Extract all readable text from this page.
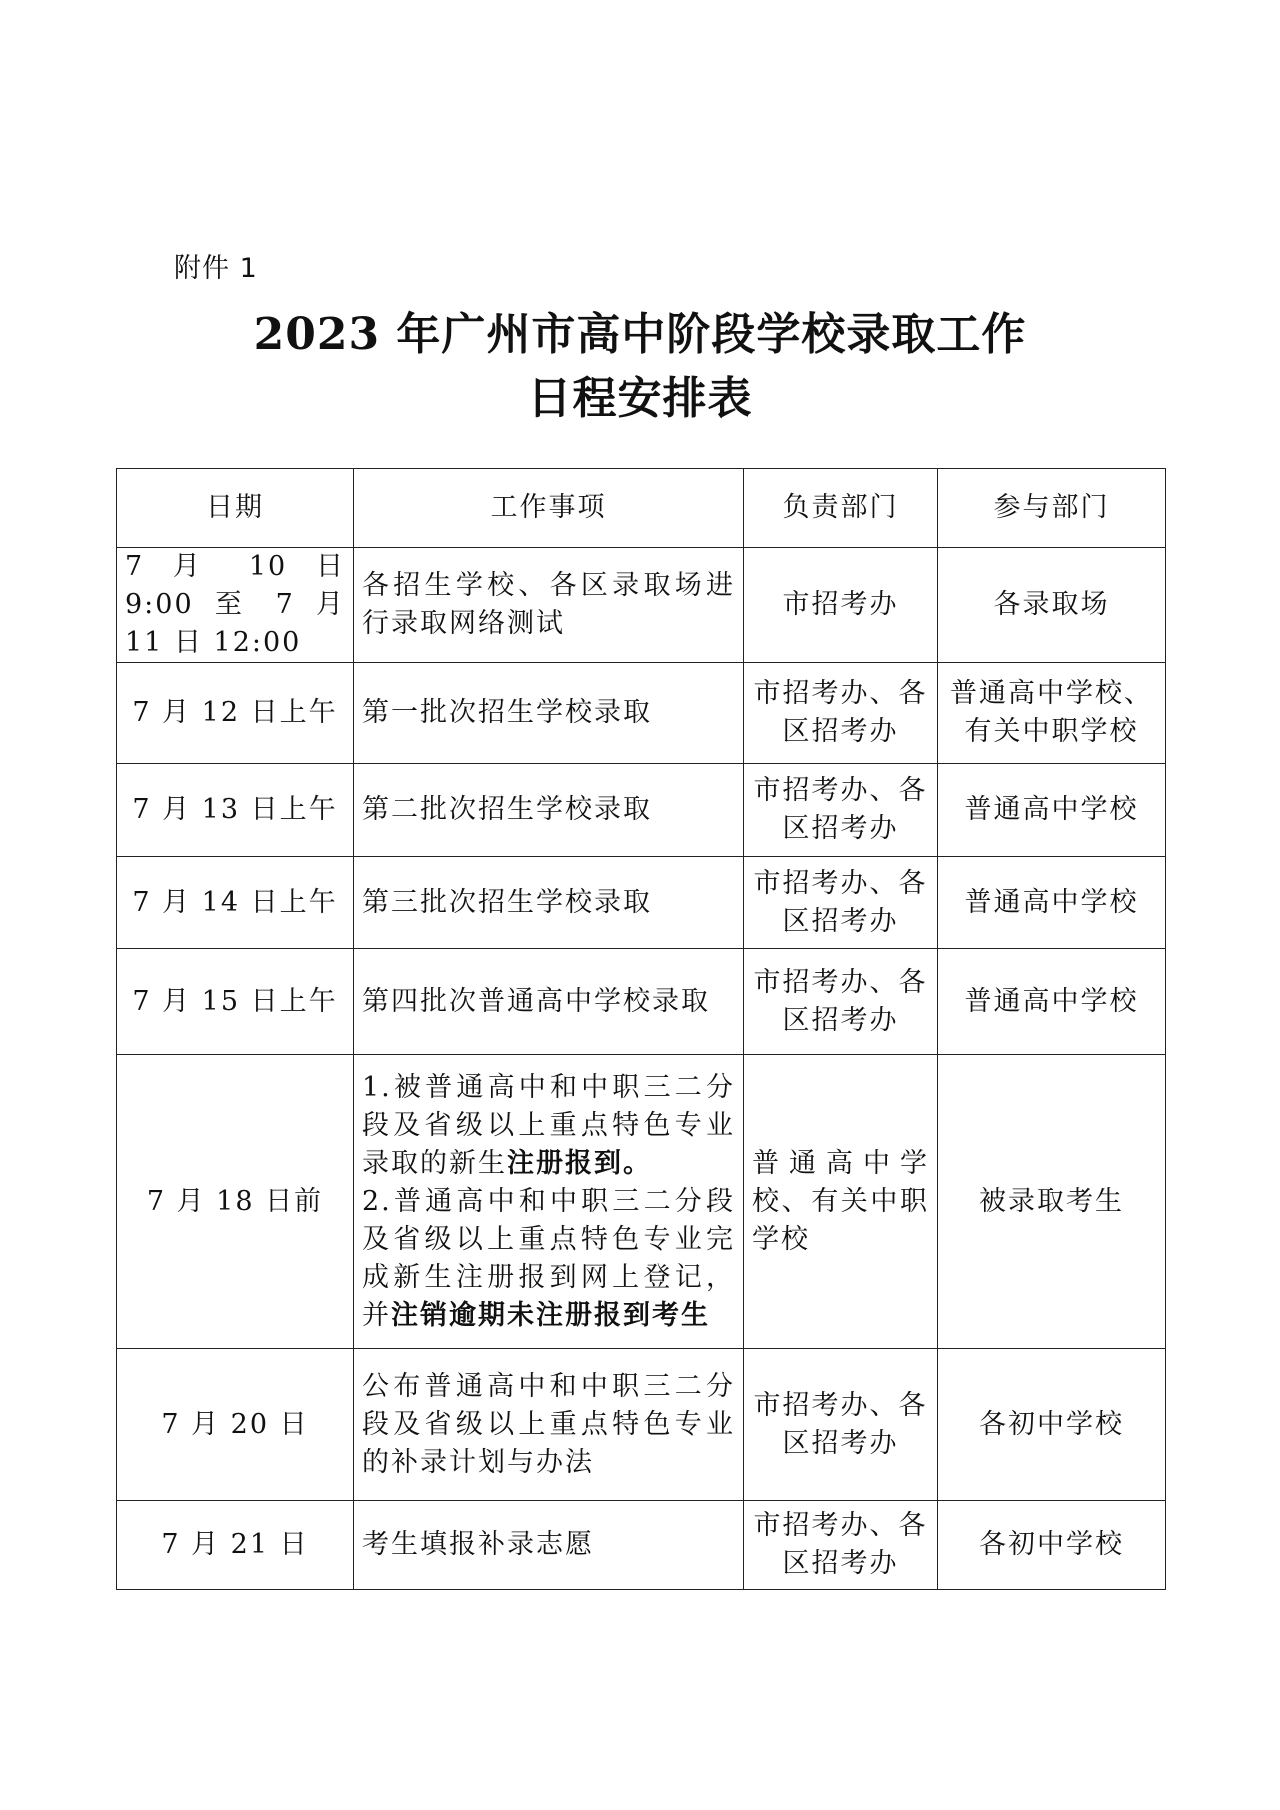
附件 1
2023 年广州市高中阶段学校录取工作
日程安排表
日期	工作事项	负责部门	参与部门
7 月 10 日 9:00 至 7 月 11 日 12:00	各招生学校、各区录取场进行录取网络测试	市招考办	各录取场
7 月 12 日上午	第一批次招生学校录取	市招考办、各区招考办	普通高中学校、有关中职学校
7 月 13 日上午	第二批次招生学校录取	市招考办、各区招考办	普通高中学校
7 月 14 日上午	第三批次招生学校录取	市招考办、各区招考办	普通高中学校
7 月 15 日上午	第四批次普通高中学校录取	市招考办、各区招考办	普通高中学校
7 月 18 日前	1.被普通高中和中职三二分段及省级以上重点特色专业录取的新生注册报到。
2.普通高中和中职三二分段及省级以上重点特色专业完成新生注册报到网上登记，并注销逾期未注册报到考生	普通高中学校、有关中职学校	被录取考生
7 月 20 日	公布普通高中和中职三二分段及省级以上重点特色专业的补录计划与办法	市招考办、各区招考办	各初中学校
7 月 21 日	考生填报补录志愿	市招考办、各区招考办	各初中学校
